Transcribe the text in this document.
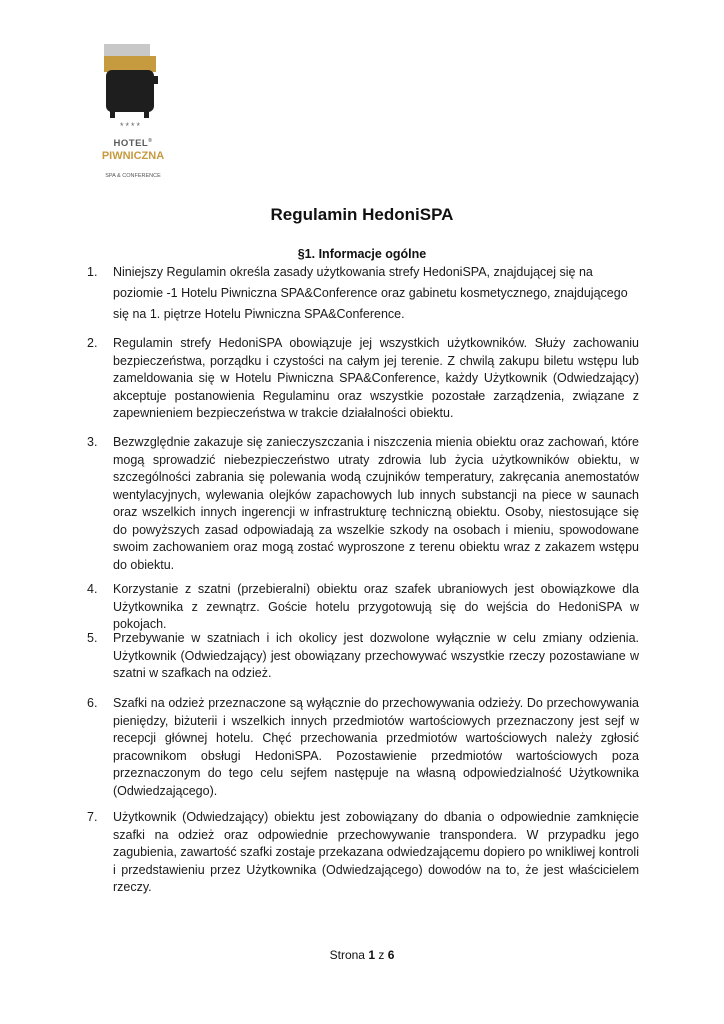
****
HOTEL®
PIWNICZNA
SPA & CONFERENCE
Regulamin HedoniSPA
§1. Informacje ogólne
1. Niniejszy Regulamin określa zasady użytkowania strefy HedoniSPA, znajdującej się na poziomie -1 Hotelu Piwniczna SPA&Conference oraz gabinetu kosmetycznego, znajdującego się na 1. piętrze Hotelu Piwniczna SPA&Conference.
2. Regulamin strefy HedoniSPA obowiązuje jej wszystkich użytkowników. Służy zachowaniu bezpieczeństwa, porządku i czystości na całym jej terenie. Z chwilą zakupu biletu wstępu lub zameldowania się w Hotelu Piwniczna SPA&Conference, każdy Użytkownik (Odwiedzający) akceptuje postanowienia Regulaminu oraz wszystkie pozostałe zarządzenia, związane z zapewnieniem bezpieczeństwa w trakcie działalności obiektu.
3. Bezwzględnie zakazuje się zanieczyszczania i niszczenia mienia obiektu oraz zachowań, które mogą sprowadzić niebezpieczeństwo utraty zdrowia lub życia użytkowników obiektu, w szczególności zabrania się polewania wodą czujników temperatury, zakręcania anemostatów wentylacyjnych, wylewania olejków zapachowych lub innych substancji na piece w saunach oraz wszelkich innych ingerencji w infrastrukturę techniczną obiektu. Osoby, niestosujące się do powyższych zasad odpowiadają za wszelkie szkody na osobach i mieniu, spowodowane swoim zachowaniem oraz mogą zostać wyproszone z terenu obiektu wraz z zakazem wstępu do obiektu.
4. Korzystanie z szatni (przebieralni) obiektu oraz szafek ubraniowych jest obowiązkowe dla Użytkownika z zewnątrz. Goście hotelu przygotowują się do wejścia do HedoniSPA w pokojach.
5. Przebywanie w szatniach i ich okolicy jest dozwolone wyłącznie w celu zmiany odzienia. Użytkownik (Odwiedzający) jest obowiązany przechowywać wszystkie rzeczy pozostawiane w szatni w szafkach na odzież.
6. Szafki na odzież przeznaczone są wyłącznie do przechowywania odzieży. Do przechowywania pieniędzy, biżuterii i wszelkich innych przedmiotów wartościowych przeznaczony jest sejf w recepcji głównej hotelu. Chęć przechowania przedmiotów wartościowych należy zgłosić pracownikom obsługi HedoniSPA. Pozostawienie przedmiotów wartościowych poza przeznaczonym do tego celu sejfem następuje na własną odpowiedzialność Użytkownika (Odwiedzającego).
7. Użytkownik (Odwiedzający) obiektu jest zobowiązany do dbania o odpowiednie zamknięcie szafki na odzież oraz odpowiednie przechowywanie transpondera. W przypadku jego zagubienia, zawartość szafki zostaje przekazana odwiedzającemu dopiero po wnikliwej kontroli i przedstawieniu przez Użytkownika (Odwiedzającego) dowodów na to, że jest właścicielem rzeczy.
Strona 1 z 6
